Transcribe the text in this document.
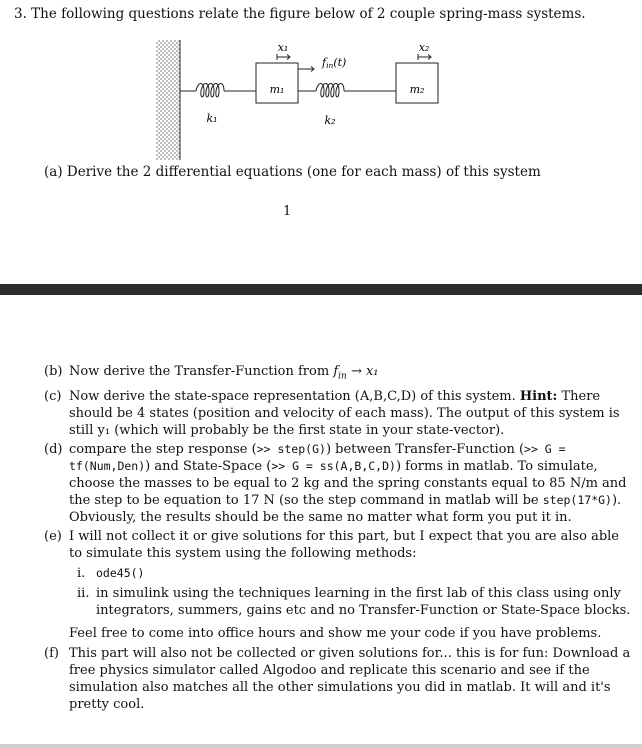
3. The following questions relate the figure below of 2 couple spring-mass systems.
m₁
x₁
fin(t)
m₂
x₂
k₁	k₂
(a) Derive the 2 differential equations (one for each mass) of this system
1
(b) Now derive the Transfer-Function from $f_{in} \to x_1$
(c) Now derive the state-space representation (A,B,C,D) of this system. Hint: There should be 4 states (position and velocity of each mass). The output of this system is still y₁ (which will probably be the first state in your state-vector).
(d) compare the step response (>> step(G)) between Transfer-Function (>> G = tf(Num,Den)) and State-Space (>> G = ss(A,B,C,D)) forms in matlab. To simulate, choose the masses to be equal to 2 kg and the spring constants equal to 85 N/m and the step to be equation to 17 N (so the step command in matlab will be step(17*G)). Obviously, the results should be the same no matter what form you put it in.
(e) I will not collect it or give solutions for this part, but I expect that you are also able to simulate this system using the following methods:
i. ode45()
ii. in simulink using the techniques learning in the first lab of this class using only integrators, summers, gains etc and no Transfer-Function or State-Space blocks.
Feel free to come into office hours and show me your code if you have problems.
(f) This part will also not be collected or given solutions for... this is for fun: Download a free physics simulator called Algodoo and replicate this scenario and see if the simulation also matches all the other simulations you did in matlab. It will and it's pretty cool.
